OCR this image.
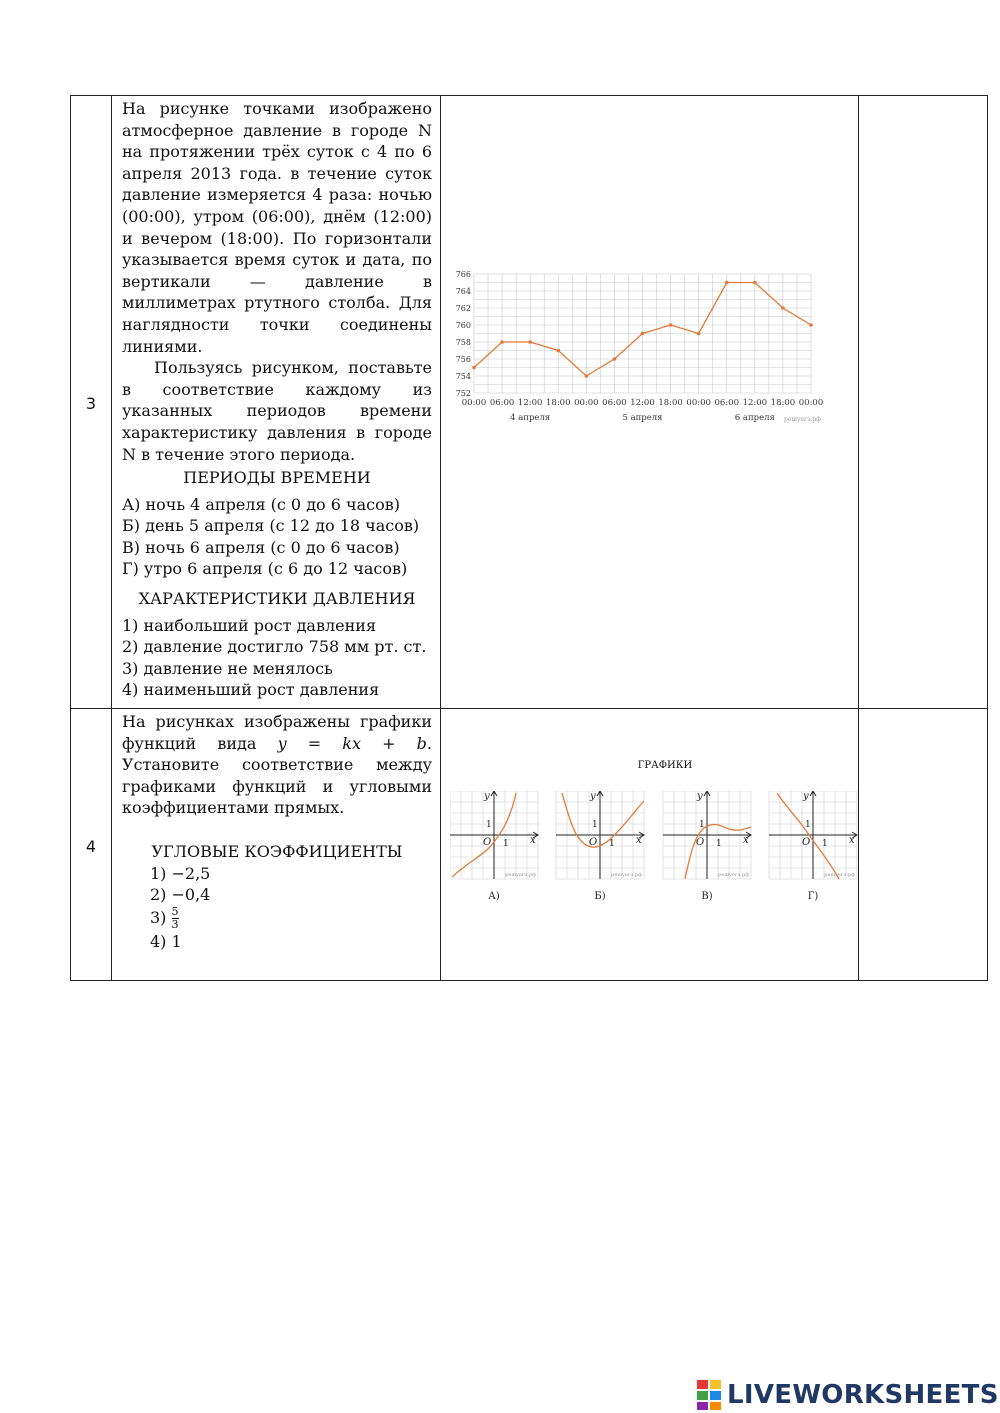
3
На рисунке точками изображено атмосферное давление в городе N на протяжении трёх суток с 4 по 6 апреля 2013 года. в течение суток давление измеряется 4 раза: ночью (00:00), утром (06:00), днём (12:00) и вечером (18:00). По горизонтали указывается время суток и дата, по вертикали — давление в миллиметрах ртутного столба. Для наглядности точки соединены линиями.
Пользуясь рисунком, поставьте в соответствие каждому из указанных периодов времени характеристику давления в городе N в течение этого периода.
ПЕРИОДЫ ВРЕМЕНИ
А) ночь 4 апреля (с 0 до 6 часов)
Б) день 5 апреля (с 12 до 18 часов)
В) ночь 6 апреля (с 0 до 6 часов)
Г) утро 6 апреля (с 6 до 12 часов)
ХАРАКТЕРИСТИКИ ДАВЛЕНИЯ
1) наибольший рост давления
2) давление достигло 758 мм рт. ст.
3) давление не менялось
4) наименьший рост давления
752
754
756
758
760
762
764
766
00:00 06:00 12:00 18:00 00:00 06:00 12:00 18:00 00:00 06:00 12:00 18:00 00:00
4 апреля	5 апреля	6 апреля решуегэ.рф
4
На рисунках изображены графики функций вида y = kx + b. Установите соответствие между графиками функций и угловыми коэффициентами прямых.
УГЛОВЫЕ КОЭФФИЦИЕНТЫ
1) −2,5
2) −0,4
$3) \frac{5}{3}$
4) 1
ГРАФИКИ
y
x
O 1
1
решуегэ.рф
А)
y
x
O 1
1
решуегэ.рф
Б)
y
x
O 1
1
решуегэ.рф
В)
y
x
O 1
1
решуегэ.рф
Г)
LIVEWORKSHEETS
